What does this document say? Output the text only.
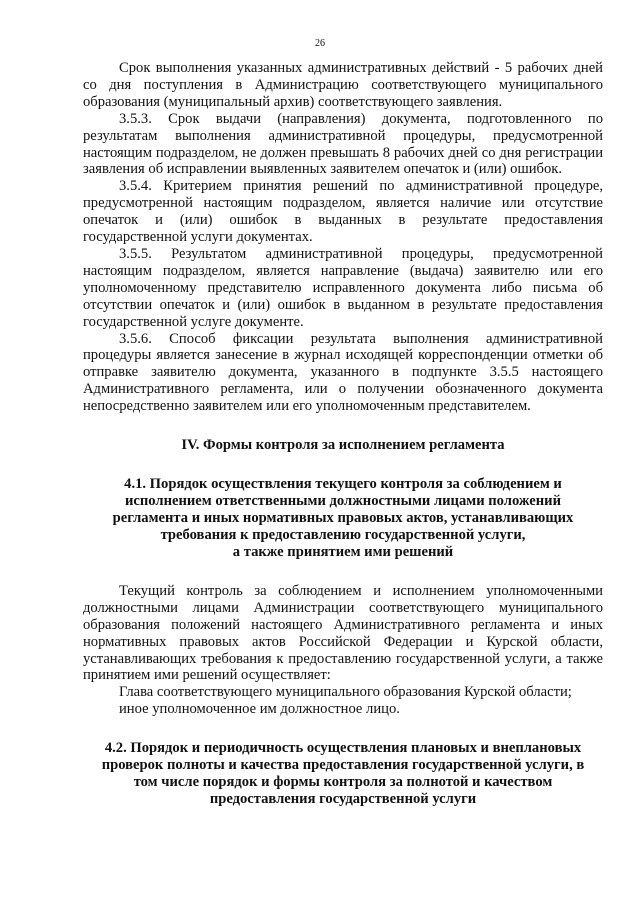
26

Срок выполнения указанных административных действий - 5 рабочих дней со дня поступления в Администрацию соответствующего муниципального образования (муниципальный архив) соответствующего заявления.

3.5.3. Срок выдачи (направления) документа, подготовленного по результатам выполнения административной процедуры, предусмотренной настоящим подразделом, не должен превышать 8 рабочих дней со дня регистрации заявления об исправлении выявленных заявителем опечаток и (или) ошибок.

3.5.4. Критерием принятия решений по административной процедуре, предусмотренной настоящим подразделом, является наличие или отсутствие опечаток и (или) ошибок в выданных в результате предоставления государственной услуги документах.

3.5.5. Результатом административной процедуры, предусмотренной настоящим подразделом, является направление (выдача) заявителю или его уполномоченному представителю исправленного документа либо письма об отсутствии опечаток и (или) ошибок в выданном в результате предоставления государственной услуге документе.

3.5.6. Способ фиксации результата выполнения административной процедуры является занесение в журнал исходящей корреспонденции отметки об отправке заявителю документа, указанного в подпункте 3.5.5 настоящего Административного регламента, или о получении обозначенного документа непосредственно заявителем или его уполномоченным представителем.

IV. Формы контроля за исполнением регламента

4.1. Порядок осуществления текущего контроля за соблюдением и
исполнением ответственными должностными лицами положений
регламента и иных нормативных правовых актов, устанавливающих
требования к предоставлению государственной услуги,
а также принятием ими решений

Текущий контроль за соблюдением и исполнением уполномоченными должностными лицами Администрации соответствующего муниципального образования положений настоящего Административного регламента и иных нормативных правовых актов Российской Федерации и Курской области, устанавливающих требования к предоставлению государственной услуги, а также принятием ими решений осуществляет:

Глава соответствующего муниципального образования Курской области;

иное уполномоченное им должностное лицо.

4.2. Порядок и периодичность осуществления плановых и внеплановых
проверок полноты и качества предоставления государственной услуги, в
том числе порядок и формы контроля за полнотой и качеством
предоставления государственной услуги
